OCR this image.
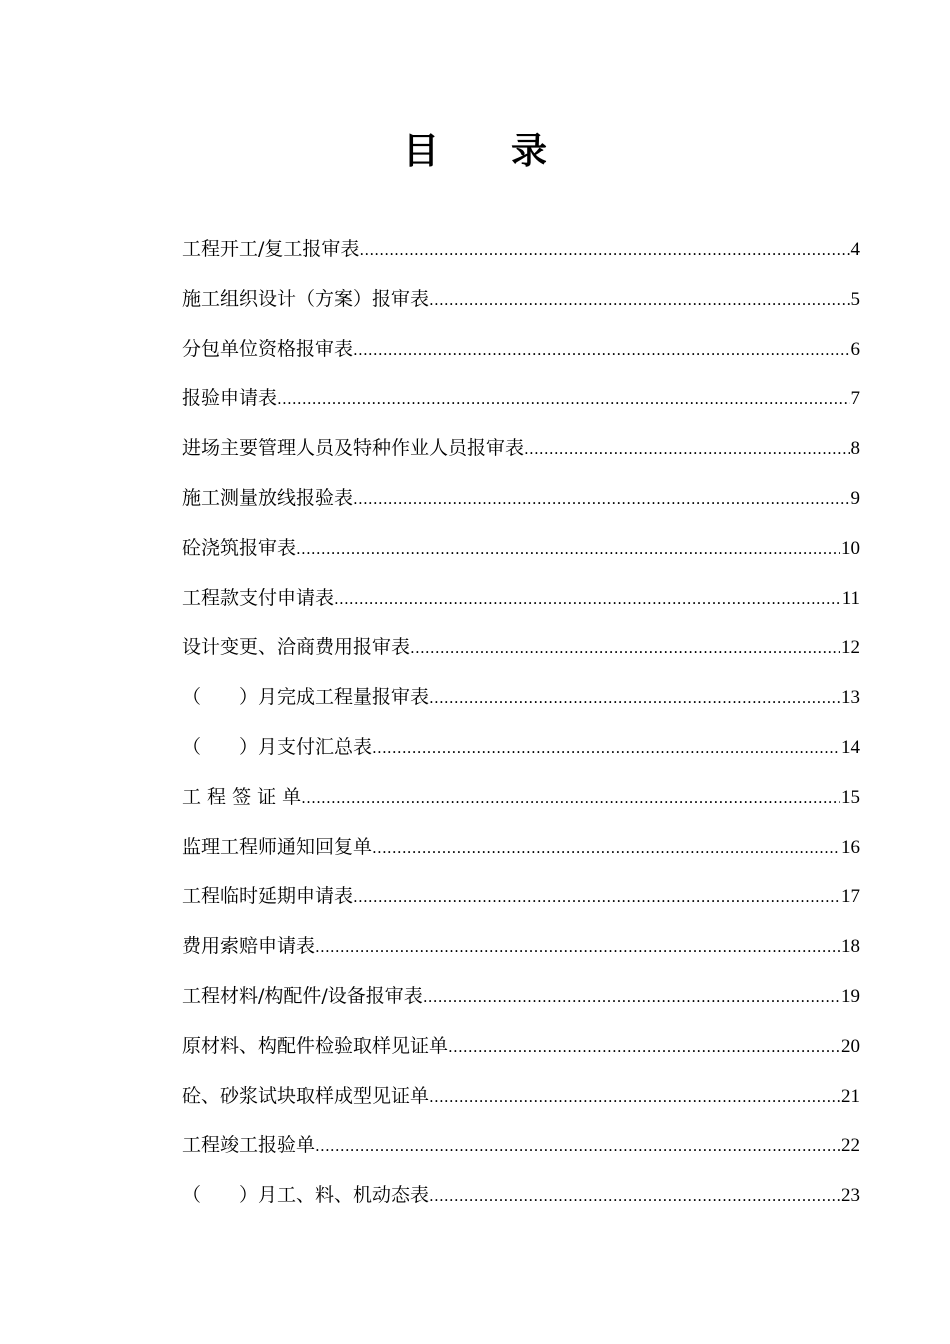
目　　录
工程开工/复工报审表 .....	4
施工组织设计（方案）报审表 .....	5
分包单位资格报审表 .....	6
报验申请表 .....	7
进场主要管理人员及特种作业人员报审表 .....	8
施工测量放线报验表 .....	9
砼浇筑报审表 .....	10
工程款支付申请表 .....	11
设计变更、洽商费用报审表 .....	12
（　　）月完成工程量报审表 .....	13
（　　）月支付汇总表 .....	14
工 程 签 证 单 .....	15
监理工程师通知回复单 .....	16
工程临时延期申请表 .....	17
费用索赔申请表 .....	18
工程材料/构配件/设备报审表 .....	19
原材料、构配件检验取样见证单 .....	20
砼、砂浆试块取样成型见证单 .....	21
工程竣工报验单 .....	22
（　　）月工、料、机动态表 .....	23
